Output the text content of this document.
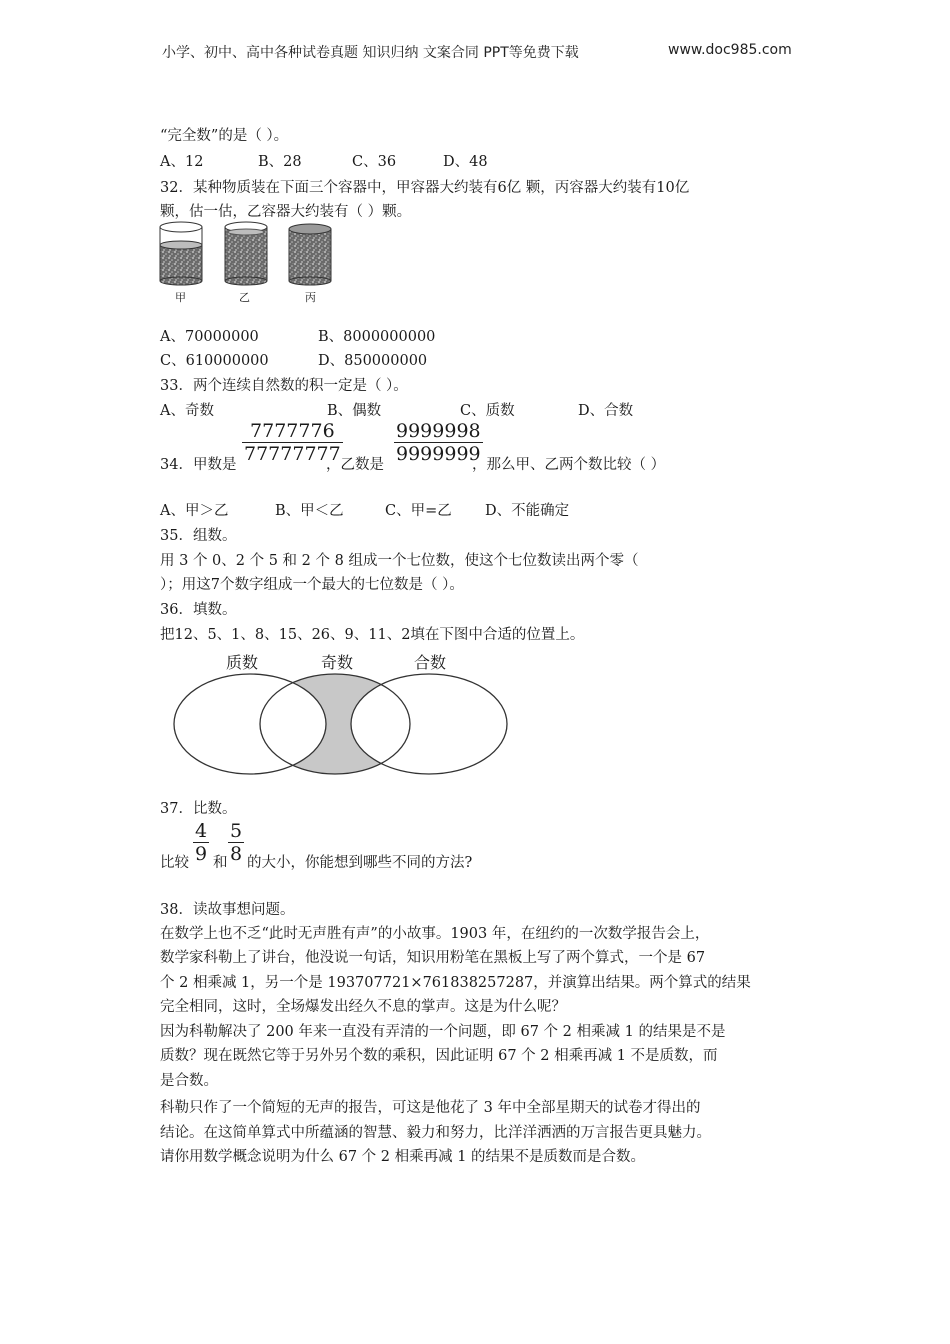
小学、初中、高中各种试卷真题 知识归纳 文案合同 PPT等免费下载	www.doc985.com
“完全数”的是（ ）。
A、12	B、28	C、36	D、48
32．某种物质装在下面三个容器中，甲容器大约装有6亿 颗，丙容器大约装有10亿
颗，估一估，乙容器大约装有（ ）颗。
甲	乙	丙
A、70000000	B、8000000000
C、610000000	D、850000000
33．两个连续自然数的积一定是（ ）。
A、奇数	B、偶数	C、质数	D、合数
34．甲数是 $\frac{7777776}{77777777}$
，乙数是 $\frac{9999998}{9999999}$
，那么甲、乙两个数比较（ ）
A、甲＞乙	B、甲＜乙	C、甲=乙 D、不能确定
35．组数。
用 3 个 0、2 个 5 和 2 个 8 组成一个七位数，使这个七位数读出两个零（
）；用这7个数字组成一个最大的七位数是（ ）。
36．填数。
把12、5、1、8、15、26、9、11、2填在下图中合适的位置上。
质数	奇数	合数
37．比数。
比较 $\frac{4}{9}$ 和 $\frac{5}{8}$ 的大小，你能想到哪些不同的方法?
38．读故事想问题。
在数学上也不乏“此时无声胜有声”的小故事。1903 年，在纽约的一次数学报告会上，
数学家科勒上了讲台，他没说一句话，知识用粉笔在黑板上写了两个算式，一个是 67
个 2 相乘减 1，另一个是 193707721×761838257287，并演算出结果。两个算式的结果
完全相同，这时，全场爆发出经久不息的掌声。这是为什么呢？
因为科勒解决了 200 年来一直没有弄清的一个问题，即 67 个 2 相乘减 1 的结果是不是
质数？现在既然它等于另外另个数的乘积，因此证明 67 个 2 相乘再减 1 不是质数，而
是合数。
科勒只作了一个简短的无声的报告，可这是他花了 3 年中全部星期天的试卷才得出的
结论。在这简单算式中所蕴涵的智慧、毅力和努力，比洋洋洒洒的万言报告更具魅力。
请你用数学概念说明为什么 67 个 2 相乘再减 1 的结果不是质数而是合数。
